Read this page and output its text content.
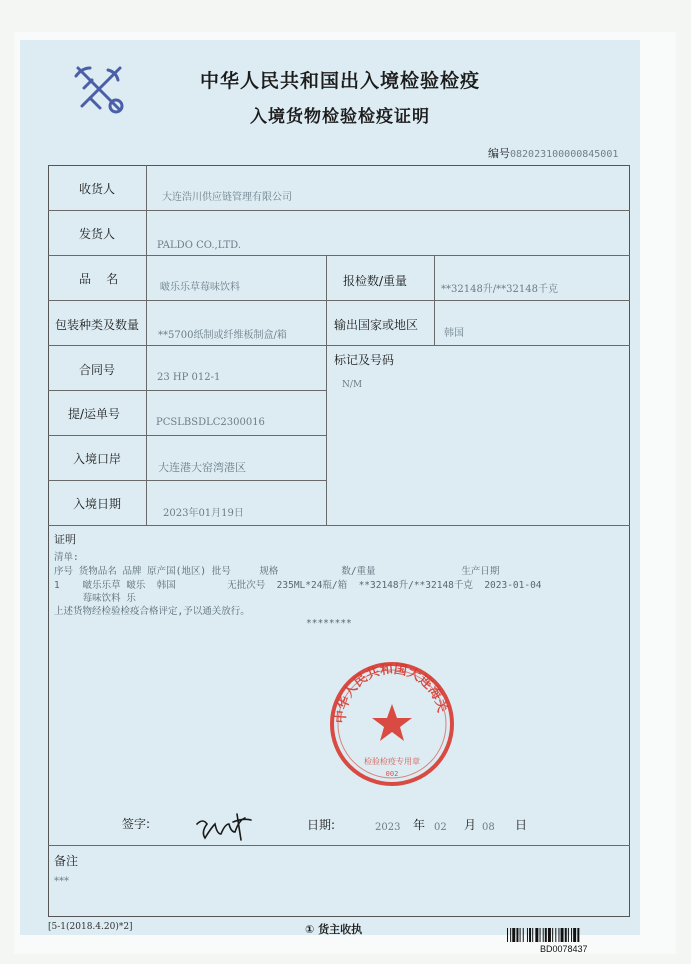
中华人民共和国出入境检验检疫
入境货物检验检疫证明
编号082023100000845001
收货人
大连浩川供应链管理有限公司
发货人
PALDO CO.,LTD.
品    名
啵乐乐草莓味饮料	报检数/重量
**32148升/**32148千克
包装种类及数量
**5700纸制或纤维板制盒/箱
输出国家或地区
韩国
合同号
23 HP 012-1
标记及号码
N/M
提/运单号
PCSLBSDLC2300016
入境口岸
大连港大窑湾港区
入境日期
2023年01月19日
证明
清单:
序号 货物品名 品牌 原产国(地区) 批号     规格           数/重量               生产日期
1    啵乐乐草 啵乐  韩国         无批次号  235ML*24瓶/箱  **32148升/**32148千克  2023-01-04
莓味饮料 乐
上述货物经检验检疫合格评定,予以通关放行。
********
中华人民共和国大连海关
检验检疫专用章
002
签字:	日期:	2023 年 02 月 08 日
备注
***
[5-1(2018.4.20)*2]	① 货主收执
BD0078437
